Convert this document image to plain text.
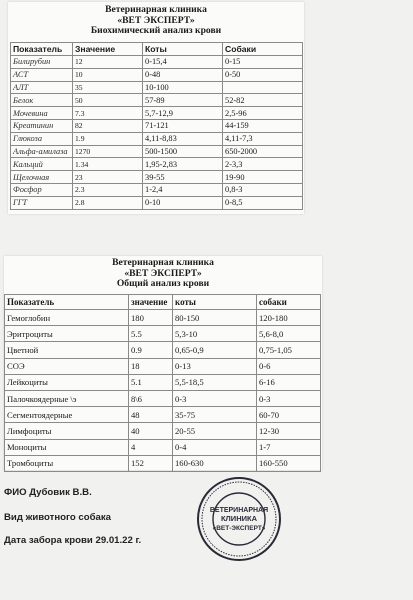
Ветеринарная клиника
«ВЕТ ЭКСПЕРТ»
Биохимический анализ крови
Показатель	Значение	Коты	Собаки
Билирубин	12	0-15,4	0-15
АСТ	10	0-48	0-50
АЛТ	35	10-100	
Белок	50	57-89	52-82
Мочевина	7.3	5,7-12,9	2,5-96
Креатинин	82	71-121	44-159
Глюкоза	1.9	4,11-8,83	4,11-7,3
Альфа-амилаза	1270	500-1500	650-2000
Кальций	1.34	1,95-2,83	2-3,3
Щелочная	23	39-55	19-90
Фосфор	2.3	1-2,4	0,8-3
ГГТ	2.8	0-10	0-8,5
Ветеринарная клиника
«ВЕТ ЭКСПЕРТ»
Общий анализ крови
Показатель	значение	коты	собаки
Гемоглобин	180	80-150	120-180
Эритроциты	5.5	5,3-10	5,6-8,0
Цветной	0.9	0,65-0,9	0,75-1,05
СОЭ	18	0-13	0-6
Лейкоциты	5.1	5,5-18,5	6-16
Палочкоядерные \э	8\6	0-3	0-3
Сегментоядерные	48	35-75	60-70
Лимфоциты	40	20-55	12-30
Моноциты	4	0-4	1-7
Тромбоциты	152	160-630	160-550
ФИО Дубовик В.В.
Вид животного собака
Дата забора крови 29.01.22 г.
ВЕТЕРИНАРНАЯ
КЛИНИКА
«ВЕТ-ЭКСПЕРТ»
